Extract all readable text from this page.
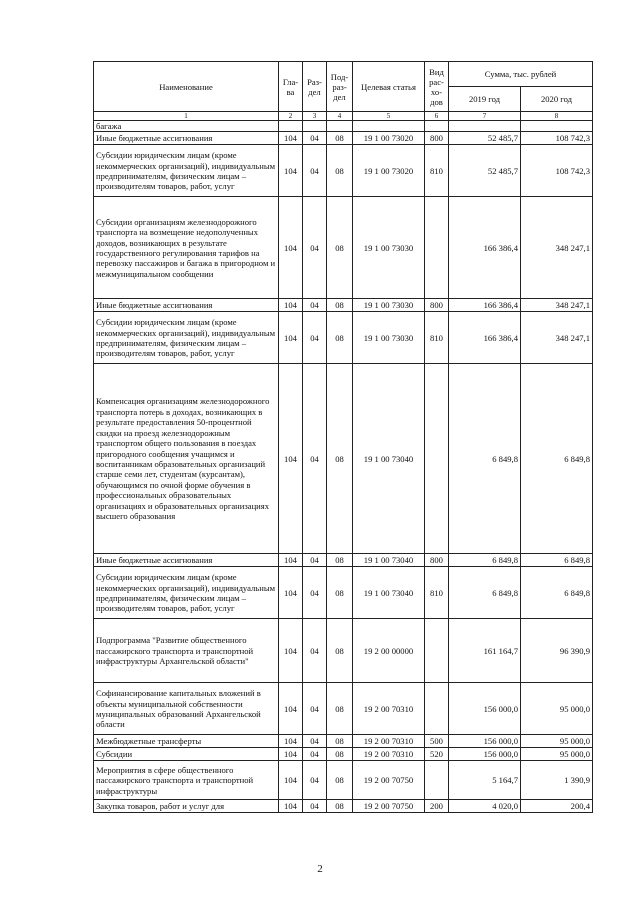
Наименование	Гла-ва	Раз-дел	Под-раз-дел	Целевая статья	Вид рас-хо-дов	Сумма, тыс. рублей	
						2019 год	2020 год
1	2	3	4	5	6	7	8
багажа							
Иные бюджетные ассигнования	104	04	08	19 1 00 73020	800	52 485,7	108 742,3
Субсидии юридическим лицам (кроме некоммерческих организаций), индивидуальным предпринимателям, физическим лицам – производителям товаров, работ, услуг	104	04	08	19 1 00 73020	810	52 485,7	108 742,3
Субсидии организациям железнодорожного транспорта на возмещение недополученных доходов, возникающих в результате государственного регулирования тарифов на перевозку пассажиров и багажа в пригородном и межмуниципальном сообщении	104	04	08	19 1 00 73030		166 386,4	348 247,1
Иные бюджетные ассигнования	104	04	08	19 1 00 73030	800	166 386,4	348 247,1
Субсидии юридическим лицам (кроме некоммерческих организаций), индивидуальным предпринимателям, физическим лицам – производителям товаров, работ, услуг	104	04	08	19 1 00 73030	810	166 386,4	348 247,1
Компенсация организациям железнодорожного транспорта потерь в доходах, возникающих в результате предоставления 50-процентной скидки на проезд железнодорожным транспортом общего пользования в поездах пригородного сообщения учащимся и воспитанникам образовательных организаций старше семи лет, студентам (курсантам), обучающимся по очной форме обучения в профессиональных образовательных организациях и образовательных организациях высшего образования	104	04	08	19 1 00 73040		6 849,8	6 849,8
Иные бюджетные ассигнования	104	04	08	19 1 00 73040	800	6 849,8	6 849,8
Субсидии юридическим лицам (кроме некоммерческих организаций), индивидуальным предпринимателям, физическим лицам – производителям товаров, работ, услуг	104	04	08	19 1 00 73040	810	6 849,8	6 849,8
Подпрограмма "Развитие общественного пассажирского транспорта и транспортной инфраструктуры Архангельской области"	104	04	08	19 2 00 00000		161 164,7	96 390,9
Софинансирование капитальных вложений в объекты муниципальной собственности муниципальных образований Архангельской области	104	04	08	19 2 00 70310		156 000,0	95 000,0
Межбюджетные трансферты	104	04	08	19 2 00 70310	500	156 000,0	95 000,0
Субсидии	104	04	08	19 2 00 70310	520	156 000,0	95 000,0
Мероприятия в сфере общественного пассажирского транспорта и транспортной инфраструктуры	104	04	08	19 2 00 70750		5 164,7	1 390,9
Закупка товаров, работ и услуг для	104	04	08	19 2 00 70750	200	4 020,0	200,4
2
